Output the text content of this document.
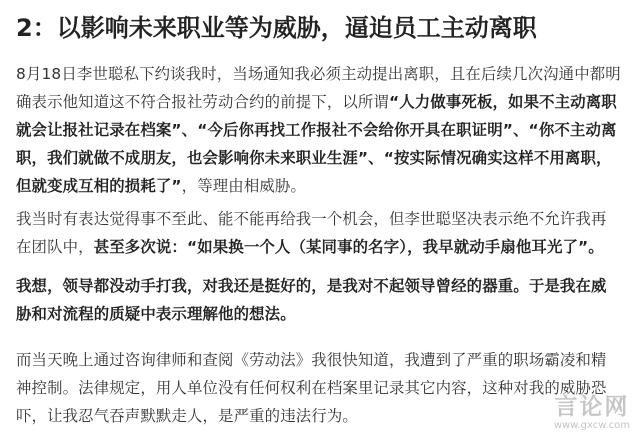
2：以影响未来职业等为威胁，逼迫员工主动离职

8月18日李世聪私下约谈我时，当场通知我必须主动提出离职，且在后续几次沟通中都明确表示他知道这不符合报社劳动合约的前提下，以所谓“人力做事死板，如果不主动离职就会让报社记录在档案”、“今后你再找工作报社不会给你开具在职证明”、“你不主动离职，我们就做不成朋友，也会影响你未来职业生涯”、“按实际情况确实这样不用离职，但就变成互相的损耗了”，等理由相威胁。

我当时有表达觉得事不至此、能不能再给我一个机会，但李世聪坚决表示绝不允许我再在团队中，甚至多次说：“如果换一个人（某同事的名字），我早就动手扇他耳光了”。

我想，领导都没动手打我，对我还是挺好的，是我对不起领导曾经的器重。于是我在威胁和对流程的质疑中表示理解他的想法。

而当天晚上通过咨询律师和查阅《劳动法》我很快知道，我遭到了严重的职场霸凌和精神控制。法律规定，用人单位没有任何权利在档案里记录其它内容，这种对我的威胁恐吓，让我忍气吞声默默走人，是严重的违法行为。	言论网
www.gxcw.com
